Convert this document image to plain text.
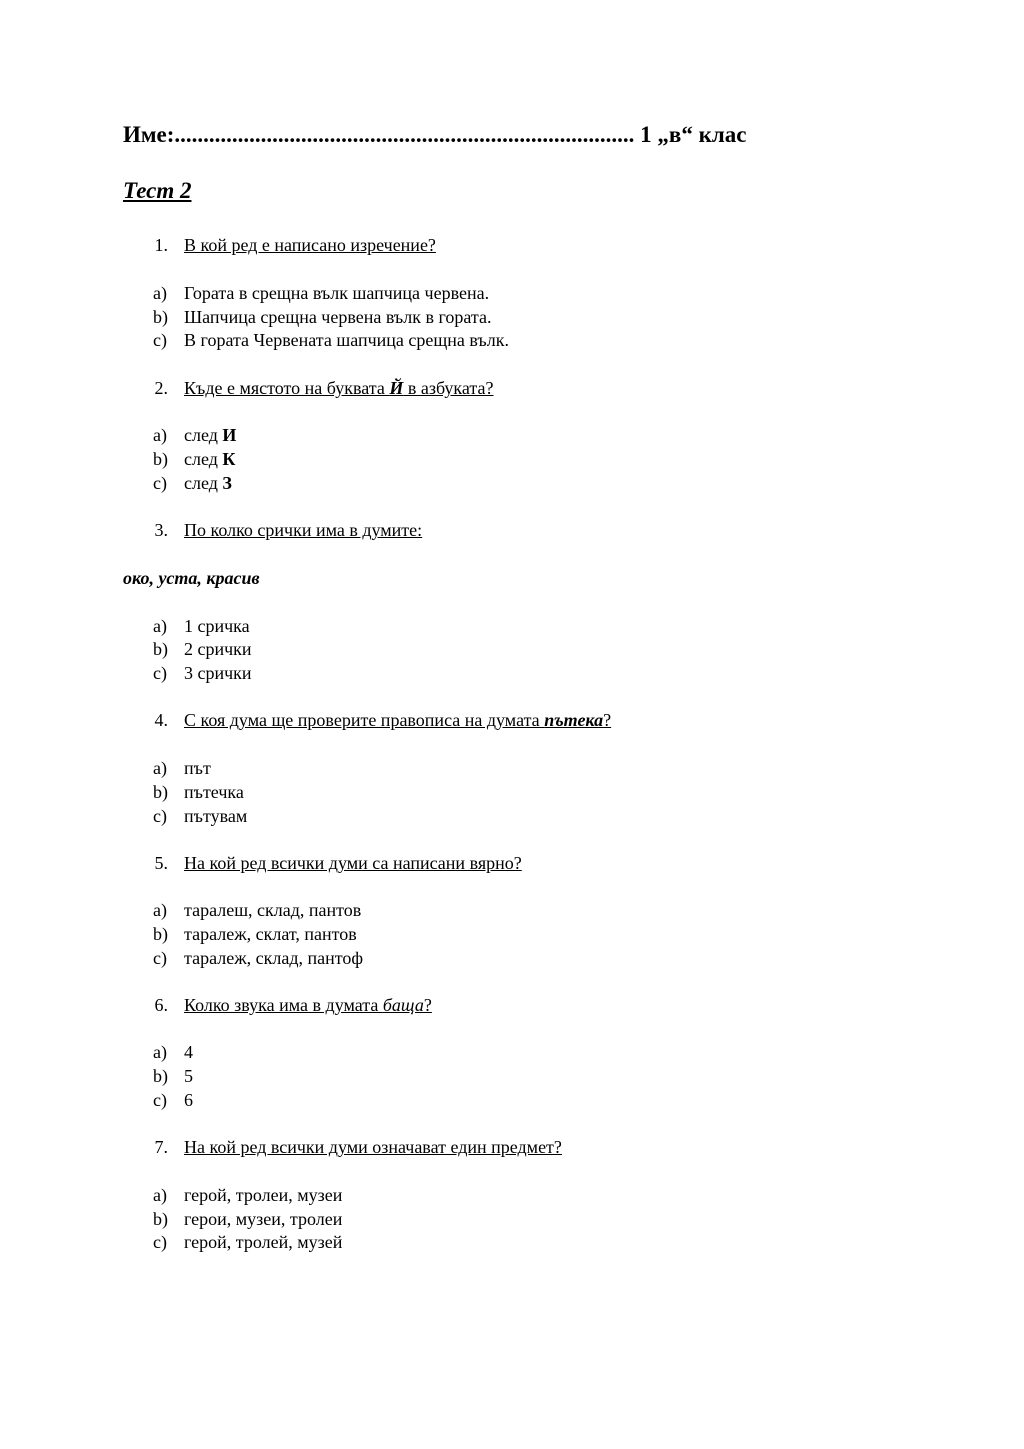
Име:................................................................................ 1 „в“ клас
Тест 2
1. В кой ред е написано изречение?
a) Гората в срещна вълк шапчица червена.
b) Шапчица срещна червена вълк в гората.
c) В гората Червената шапчица срещна вълк.
2. Къде е мястото на буквата Й в азбуката?
a) след И
b) след К
c) след З
3. По колко срички има в думите:
око, уста, красив
a) 1 сричка
b) 2 срички
c) 3 срички
4. С коя дума ще проверите правописа на думата пътека?
a) път
b) пътечка
c) пътувам
5. На кой ред всички думи са написани вярно?
a) таралеш, склад, пантов
b) таралеж, склат, пантов
c) таралеж, склад, пантоф
6. Колко звука има в думата баща?
a) 4
b) 5
c) 6
7. На кой ред всички думи означават един предмет?
a) герой, тролеи, музеи
b) герои, музеи, тролеи
c) герой, тролей, музей
